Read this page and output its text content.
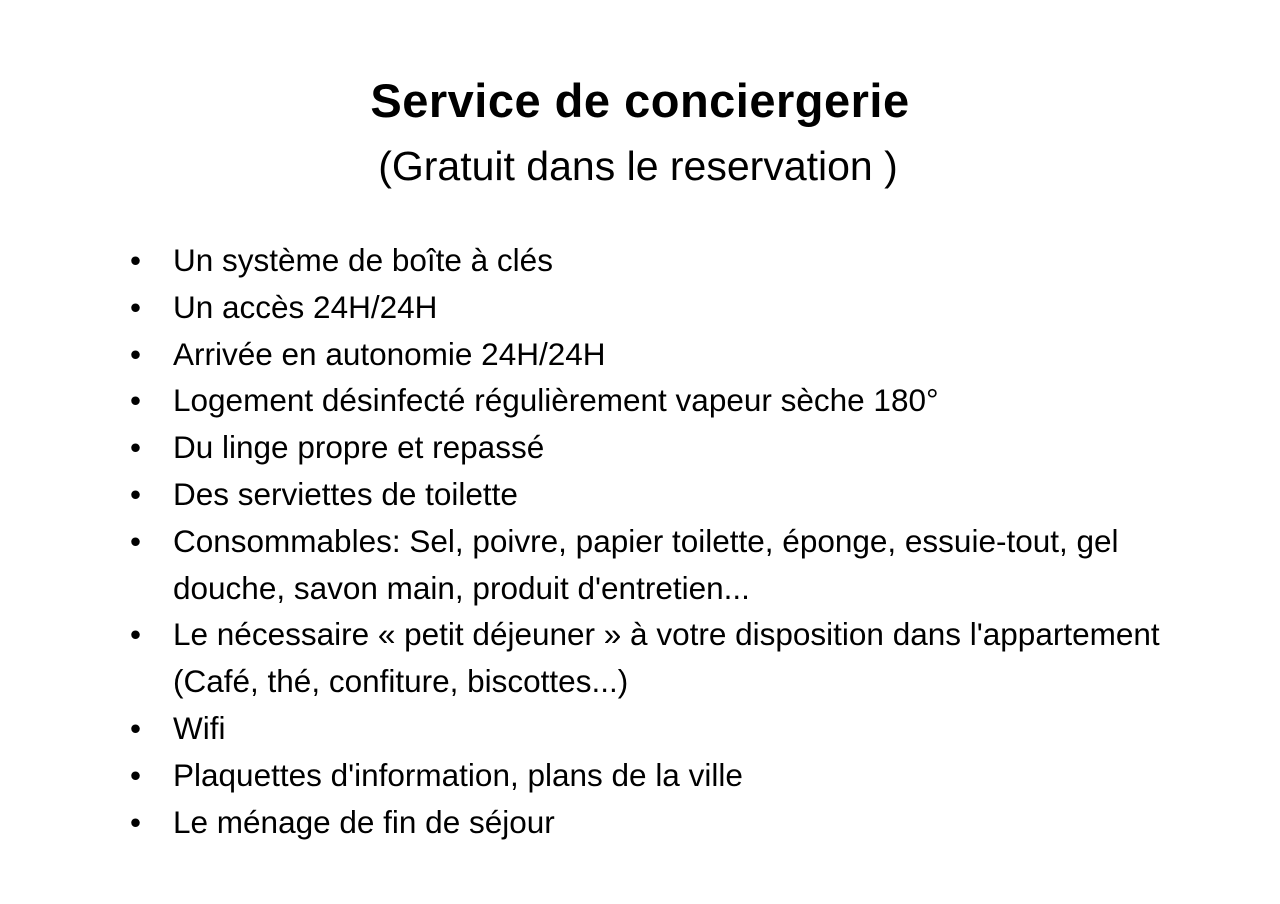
Service de conciergerie
(Gratuit dans le reservation )
•	Un système de boîte à clés
•	Un accès 24H/24H
•	Arrivée en autonomie 24H/24H
•	Logement désinfecté régulièrement vapeur sèche 180°
•	Du linge propre et repassé
•	Des serviettes de toilette
•	Consommables: Sel, poivre, papier toilette, éponge, essuie-tout, gel douche, savon main, produit d'entretien...
•	Le nécessaire « petit déjeuner » à votre disposition dans l'appartement (Café, thé, confiture, biscottes...)
•	Wifi
•	Plaquettes d'information, plans de la ville
•	Le ménage de fin de séjour
